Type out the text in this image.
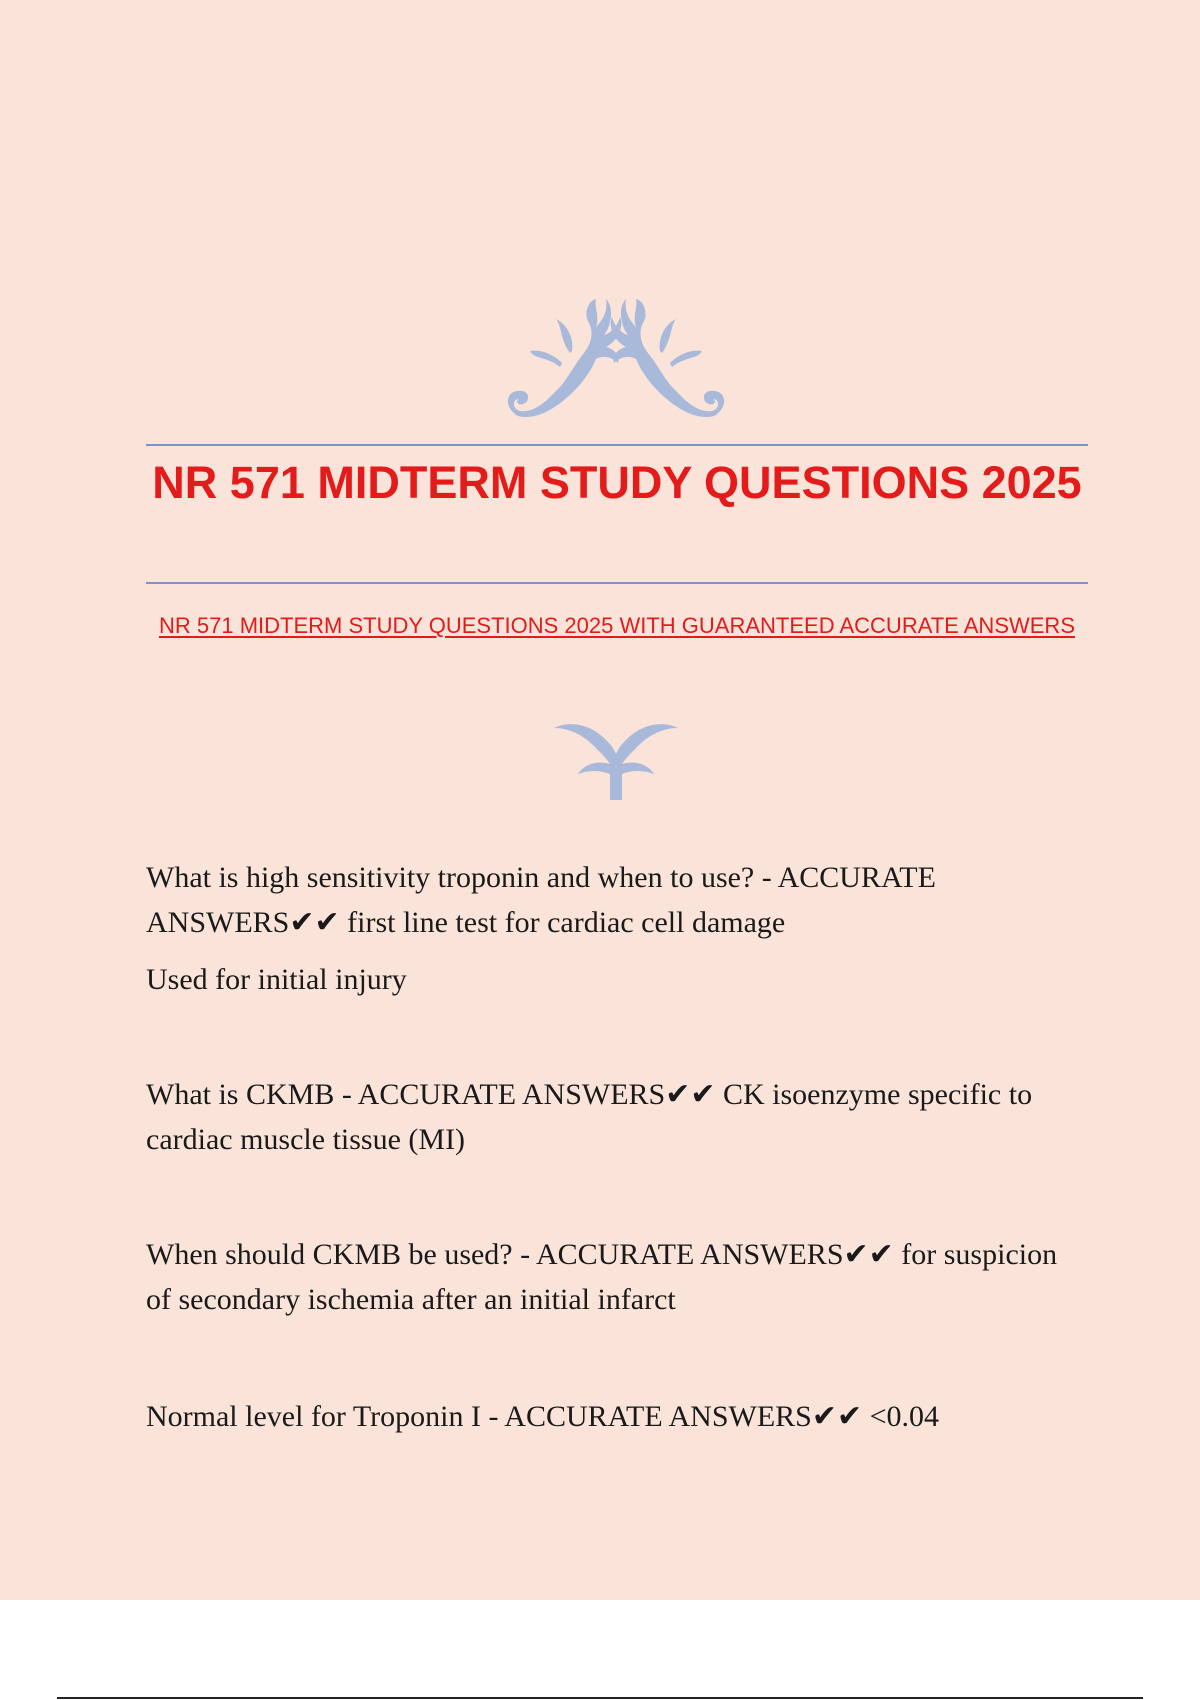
NR 571 MIDTERM STUDY QUESTIONS 2025

NR 571 MIDTERM STUDY QUESTIONS 2025 WITH GUARANTEED ACCURATE ANSWERS

What is high sensitivity troponin and when to use? - ACCURATE ANSWERS✔✔ first line test for cardiac cell damage

Used for initial injury

What is CKMB - ACCURATE ANSWERS✔✔ CK isoenzyme specific to cardiac muscle tissue (MI)

When should CKMB be used? - ACCURATE ANSWERS✔✔ for suspicion of secondary ischemia after an initial infarct

Normal level for Troponin I - ACCURATE ANSWERS✔✔ <0.04
